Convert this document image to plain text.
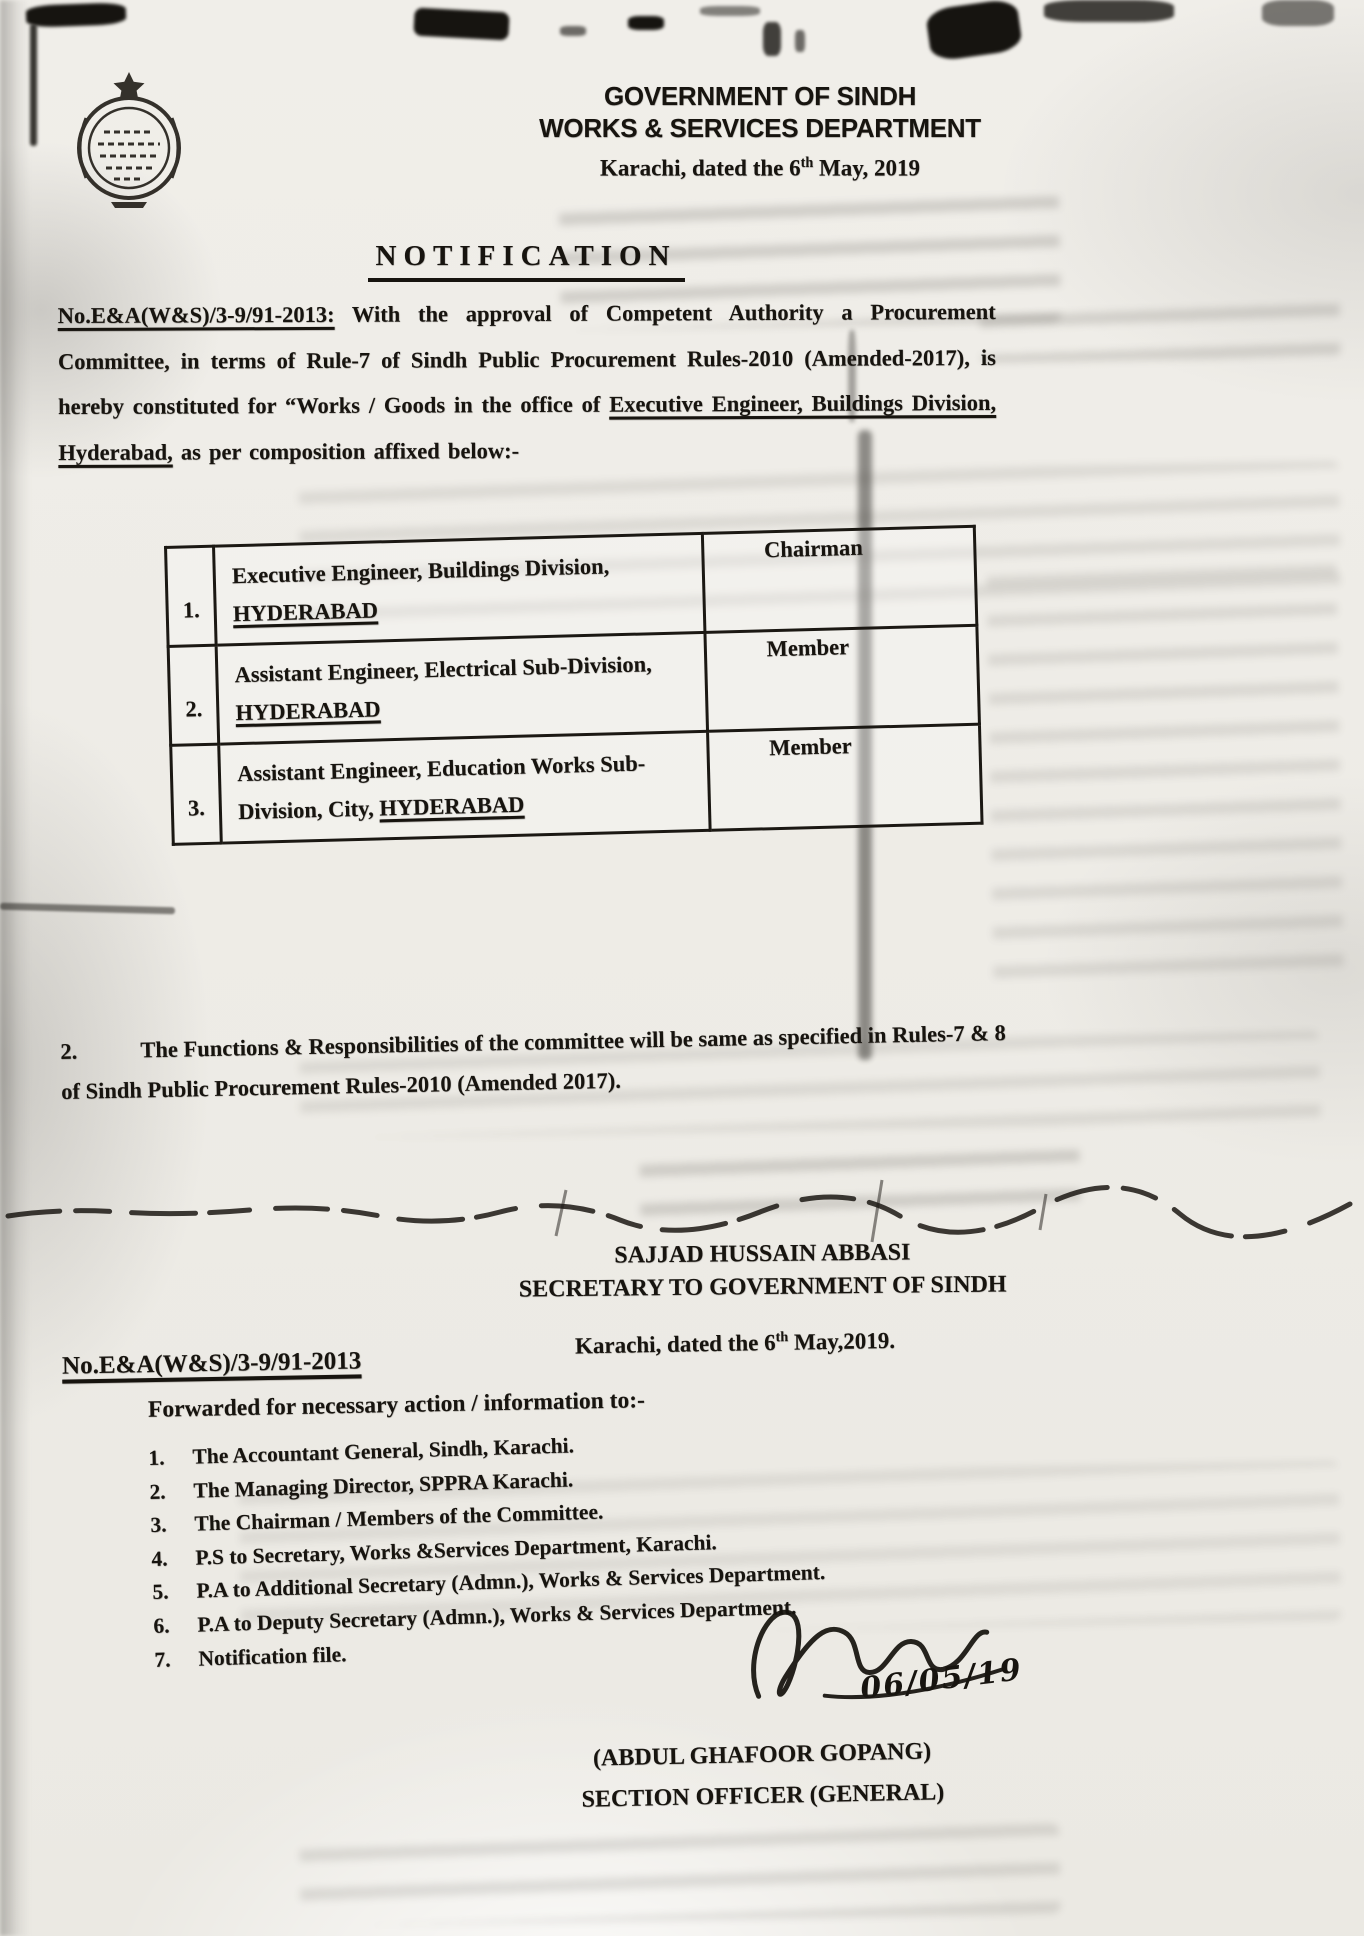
GOVERNMENT OF SINDH
WORKS & SERVICES DEPARTMENT
Karachi, dated the 6th May, 2019
NOTIFICATION
No.E&A(W&S)/3-9/91-2013: With the approval of Competent Authority a Procurement Committee, in terms of Rule-7 of Sindh Public Procurement Rules-2010 (Amended-2017), is hereby constituted for “Works / Goods in the office of Executive Engineer, Buildings Division, Hyderabad, as per composition affixed below:-
1.	Executive Engineer, Buildings Division,
HYDERABAD	Chairman
2.	Assistant Engineer, Electrical Sub-Division,
HYDERABAD	Member
3.	Assistant Engineer, Education Works Sub-
Division, City, HYDERABAD	Member
2.	The Functions & Responsibilities of the committee will be same as specified in Rules-7 & 8 of Sindh Public Procurement Rules-2010 (Amended 2017).
SAJJAD HUSSAIN ABBASI
SECRETARY TO GOVERNMENT OF SINDH
No.E&A(W&S)/3-9/91-2013
Karachi, dated the 6th May,2019.
Forwarded for necessary action / information to:-
1.	The Accountant General, Sindh, Karachi.
2.	The Managing Director, SPPRA Karachi.
3.	The Chairman / Members of the Committee.
4.	P.S to Secretary, Works &Services Department, Karachi.
5.	P.A to Additional Secretary (Admn.), Works & Services Department.
6.	P.A to Deputy Secretary (Admn.), Works & Services Department.
7.	Notification file.	06/05/19
(ABDUL GHAFOOR GOPANG)
SECTION OFFICER (GENERAL)
